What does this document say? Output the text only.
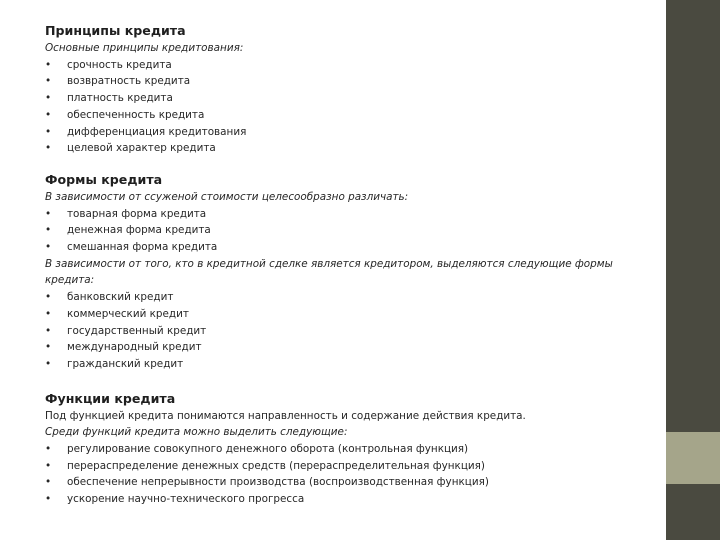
Принципы кредита
Основные принципы кредитования:
• срочность кредита
• возвратность кредита
• платность кредита
• обеспеченность кредита
• дифференциация кредитования
• целевой характер кредита
Формы кредита
В зависимости от ссуженой стоимости целесообразно различать:
• товарная форма кредита
• денежная форма кредита
• смешанная форма кредита
В зависимости от того, кто в кредитной сделке является кредитором, выделяются следующие формы кредита:
• банковский кредит
• коммерческий кредит
• государственный кредит
• международный кредит
• гражданский кредит
Функции кредита
Под функцией кредита понимаются направленность и содержание действия кредита.
Среди функций кредита можно выделить следующие:
• регулирование совокупного денежного оборота (контрольная функция)
• перераспределение денежных средств (перераспределительная функция)
• обеспечение непрерывности производства (воспроизводственная функция)
• ускорение научно-технического прогресса
